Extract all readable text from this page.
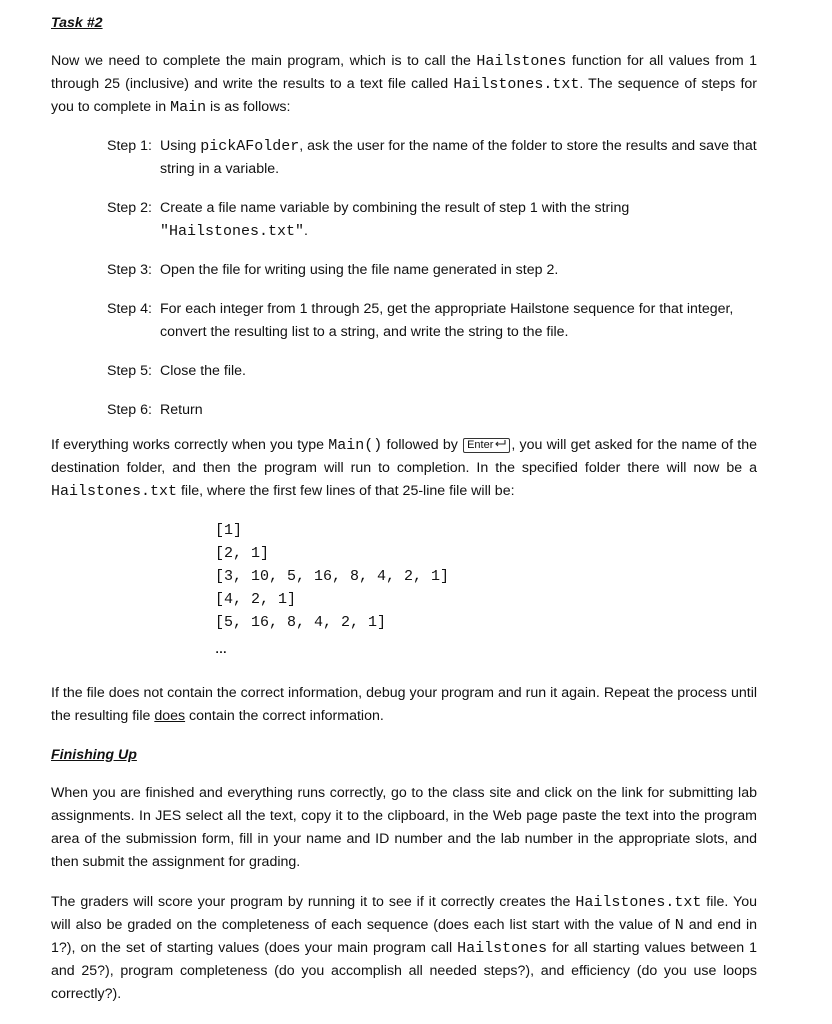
Task #2

Now we need to complete the main program, which is to call the Hailstones function for all values from 1 through 25 (inclusive) and write the results to a text file called Hailstones.txt. The sequence of steps for you to complete in Main is as follows:

Step 1: Using pickAFolder, ask the user for the name of the folder to store the results and save that string in a variable.
Step 2: Create a file name variable by combining the result of step 1 with the string "Hailstones.txt".
Step 3: Open the file for writing using the file name generated in step 2.
Step 4: For each integer from 1 through 25, get the appropriate Hailstone sequence for that integer, convert the resulting list to a string, and write the string to the file.
Step 5: Close the file.
Step 6: Return

If everything works correctly when you type Main() followed by Enter , you will get asked for the name of the destination folder, and then the program will run to completion. In the specified folder there will now be a Hailstones.txt file, where the first few lines of that 25-line file will be:

[1]
[2, 1]
[3, 10, 5, 16, 8, 4, 2, 1]
[4, 2, 1]
[5, 16, 8, 4, 2, 1]
…

If the file does not contain the correct information, debug your program and run it again. Repeat the process until the resulting file does contain the correct information.

Finishing Up

When you are finished and everything runs correctly, go to the class site and click on the link for submitting lab assignments. In JES select all the text, copy it to the clipboard, in the Web page paste the text into the program area of the submission form, fill in your name and ID number and the lab number in the appropriate slots, and then submit the assignment for grading.

The graders will score your program by running it to see if it correctly creates the Hailstones.txt file. You will also be graded on the completeness of each sequence (does each list start with the value of N and end in 1?), on the set of starting values (does your main program call Hailstones for all starting values between 1 and 25?), program completeness (do you accomplish all needed steps?), and efficiency (do you use loops correctly?).
